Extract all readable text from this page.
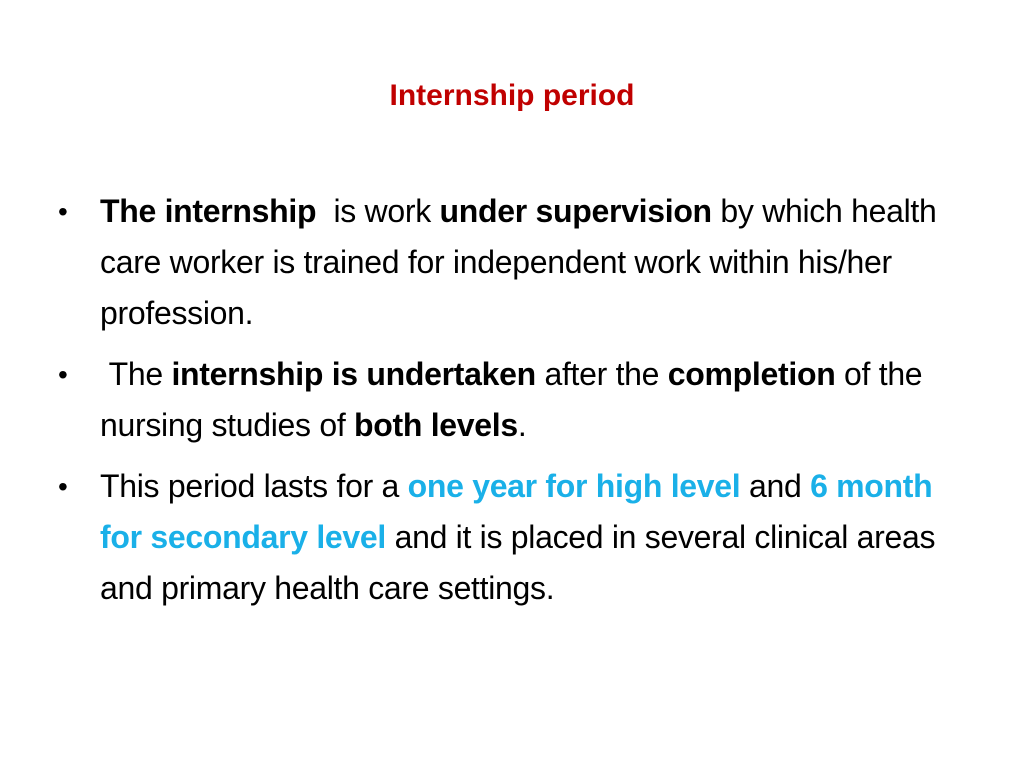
Internship period
• The internship  is work under supervision by which health care worker is trained for independent work within his/her profession.
• The internship is undertaken after the completion of the nursing studies of both levels.
• This period lasts for a one year for high level and 6 month for secondary level and it is placed in several clinical areas and primary health care settings.
